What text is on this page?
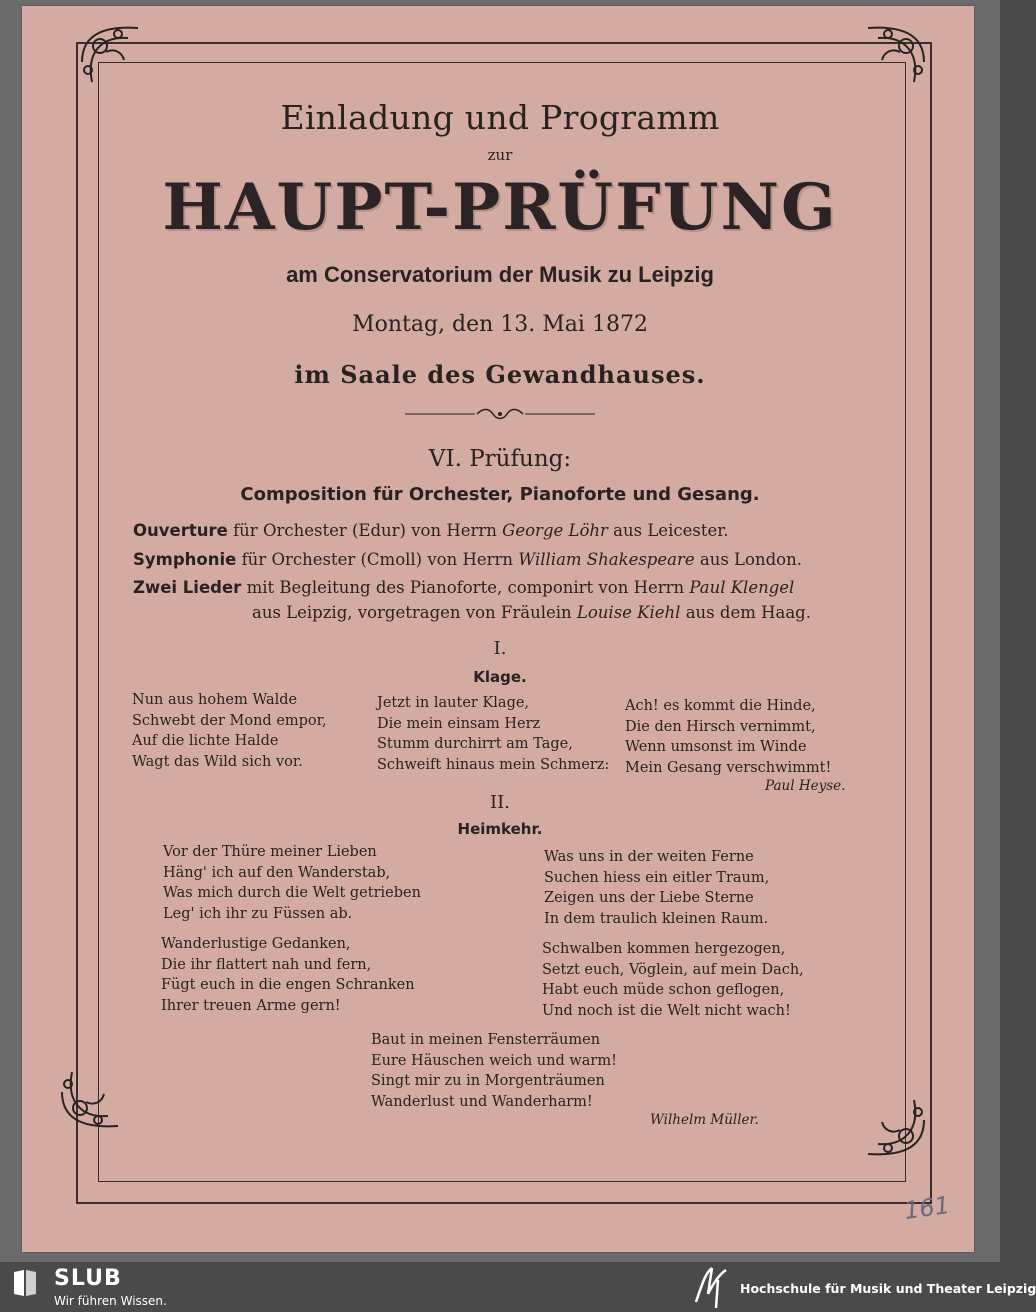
Einladung und Programm
zur
HAUPT-PRÜFUNG
am Conservatorium der Musik zu Leipzig
Montag, den 13. Mai 1872
im Saale des Gewandhauses.
VI. Prüfung:
Composition für Orchester, Pianoforte und Gesang.
Ouverture für Orchester (Edur) von Herrn George Löhr aus Leicester.
Symphonie für Orchester (Cmoll) von Herrn William Shakespeare aus London.
Zwei Lieder mit Begleitung des Pianoforte, componirt von Herrn Paul Klengel
aus Leipzig, vorgetragen von Fräulein Louise Kiehl aus dem Haag.
I.
Klage.
Nun aus hohem Walde
Schwebt der Mond empor,
Auf die lichte Halde
Wagt das Wild sich vor.
Jetzt in lauter Klage,
Die mein einsam Herz
Stumm durchirrt am Tage,
Schweift hinaus mein Schmerz:
Ach! es kommt die Hinde,
Die den Hirsch vernimmt,
Wenn umsonst im Winde
Mein Gesang verschwimmt!
Paul Heyse.
II.
Heimkehr.
Vor der Thüre meiner Lieben
Häng' ich auf den Wanderstab,
Was mich durch die Welt getrieben
Leg' ich ihr zu Füssen ab.
Wanderlustige Gedanken,
Die ihr flattert nah und fern,
Fügt euch in die engen Schranken
Ihrer treuen Arme gern!
Was uns in der weiten Ferne
Suchen hiess ein eitler Traum,
Zeigen uns der Liebe Sterne
In dem traulich kleinen Raum.
Schwalben kommen hergezogen,
Setzt euch, Vöglein, auf mein Dach,
Habt euch müde schon geflogen,
Und noch ist die Welt nicht wach!
Baut in meinen Fensterräumen
Eure Häuschen weich und warm!
Singt mir zu in Morgenträumen
Wanderlust und Wanderharm!
Wilhelm Müller.
161
SLUB
Wir führen Wissen.
Hochschule für Musik und Theater Leipzig
